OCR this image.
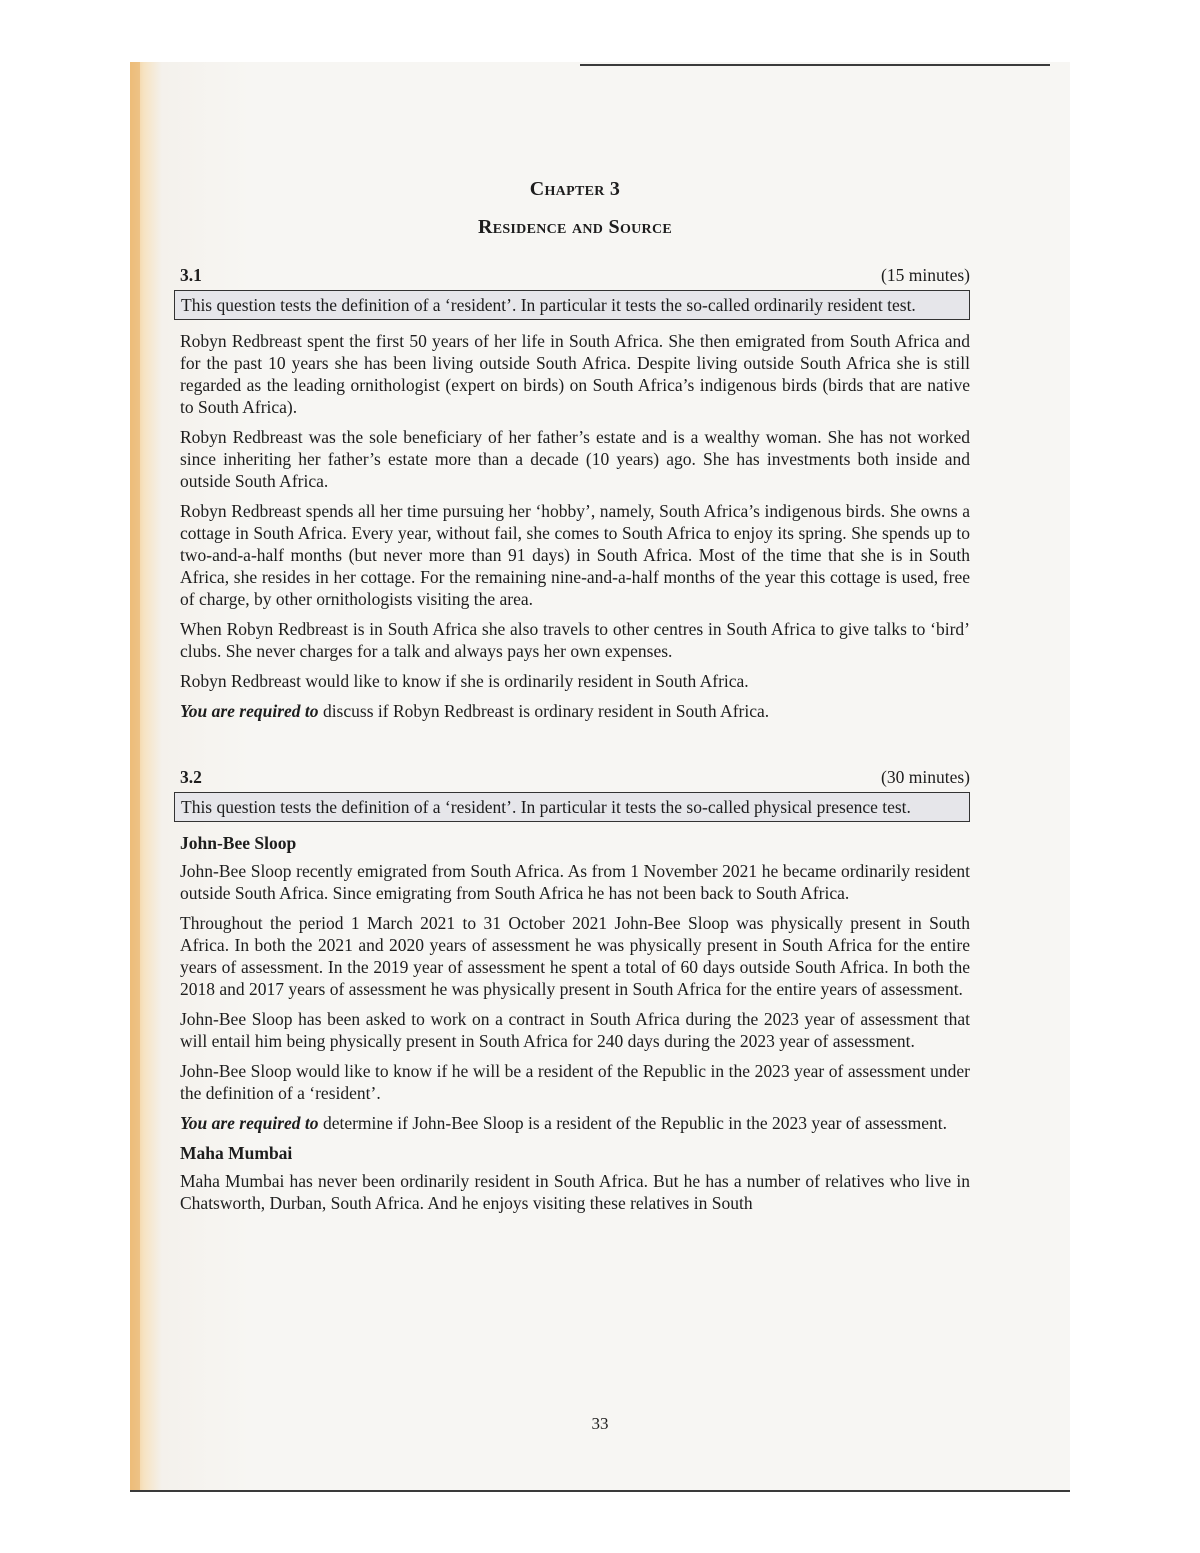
Chapter 3
Residence and Source
3.1	(15 minutes)
This question tests the definition of a ‘resident’. In particular it tests the so-called ordinarily resident test.

Robyn Redbreast spent the first 50 years of her life in South Africa. She then emigrated from South Africa and for the past 10 years she has been living outside South Africa. Despite living outside South Africa she is still regarded as the leading ornithologist (expert on birds) on South Africa’s indigenous birds (birds that are native to South Africa).

Robyn Redbreast was the sole beneficiary of her father’s estate and is a wealthy woman. She has not worked since inheriting her father’s estate more than a decade (10 years) ago. She has investments both inside and outside South Africa.

Robyn Redbreast spends all her time pursuing her ‘hobby’, namely, South Africa’s indigenous birds. She owns a cottage in South Africa. Every year, without fail, she comes to South Africa to enjoy its spring. She spends up to two-and-a-half months (but never more than 91 days) in South Africa. Most of the time that she is in South Africa, she resides in her cottage. For the remaining nine-and-a-half months of the year this cottage is used, free of charge, by other ornithologists visiting the area.

When Robyn Redbreast is in South Africa she also travels to other centres in South Africa to give talks to ‘bird’ clubs. She never charges for a talk and always pays her own expenses.

Robyn Redbreast would like to know if she is ordinarily resident in South Africa.

You are required to discuss if Robyn Redbreast is ordinary resident in South Africa.

3.2	(30 minutes)
This question tests the definition of a ‘resident’. In particular it tests the so-called physical presence test.
John-Bee Sloop

John-Bee Sloop recently emigrated from South Africa. As from 1 November 2021 he became ordinarily resident outside South Africa. Since emigrating from South Africa he has not been back to South Africa.

Throughout the period 1 March 2021 to 31 October 2021 John-Bee Sloop was physically present in South Africa. In both the 2021 and 2020 years of assessment he was physically present in South Africa for the entire years of assessment. In the 2019 year of assessment he spent a total of 60 days outside South Africa. In both the 2018 and 2017 years of assessment he was physically present in South Africa for the entire years of assessment.

John-Bee Sloop has been asked to work on a contract in South Africa during the 2023 year of assessment that will entail him being physically present in South Africa for 240 days during the 2023 year of assessment.

John-Bee Sloop would like to know if he will be a resident of the Republic in the 2023 year of assessment under the definition of a ‘resident’.

You are required to determine if John-Bee Sloop is a resident of the Republic in the 2023 year of assessment.

Maha Mumbai

Maha Mumbai has never been ordinarily resident in South Africa. But he has a number of relatives who live in Chatsworth, Durban, South Africa. And he enjoys visiting these relatives in South

33
